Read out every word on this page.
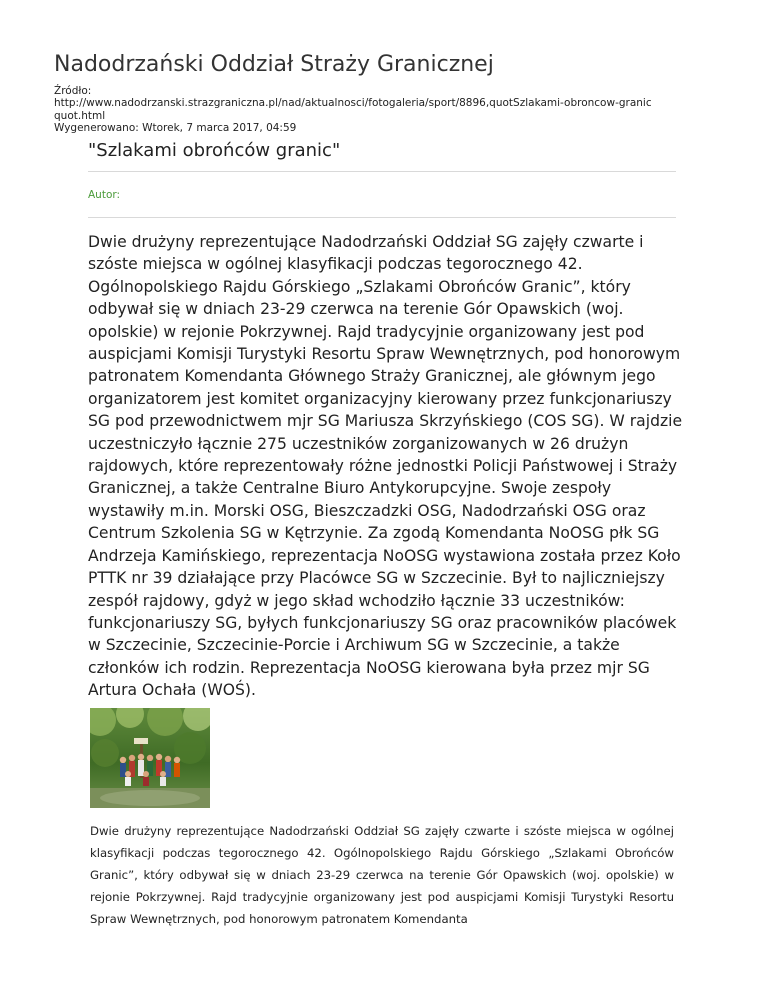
Nadodrzański Oddział Straży Granicznej
Źródło:
http://www.nadodrzanski.strazgraniczna.pl/nad/aktualnosci/fotogaleria/sport/8896,quotSzlakami-obroncow-granic
quot.html
Wygenerowano: Wtorek, 7 marca 2017, 04:59
"Szlakami obrońców granic"
Autor:

Dwie drużyny reprezentujące Nadodrzański Oddział SG zajęły czwarte i szóste miejsca w ogólnej klasyfikacji podczas tegorocznego 42. Ogólnopolskiego Rajdu Górskiego „Szlakami Obrońców Granic”, który odbywał się w dniach 23-29 czerwca na terenie Gór Opawskich (woj. opolskie) w rejonie Pokrzywnej. Rajd tradycyjnie organizowany jest pod auspicjami Komisji Turystyki Resortu Spraw Wewnętrznych, pod honorowym patronatem Komendanta Głównego Straży Granicznej, ale głównym jego organizatorem jest komitet organizacyjny kierowany przez funkcjonariuszy SG pod przewodnictwem mjr SG Mariusza Skrzyńskiego (COS SG). W rajdzie uczestniczyło łącznie 275 uczestników zorganizowanych w 26 drużyn rajdowych, które reprezentowały różne jednostki Policji Państwowej i Straży Granicznej, a także Centralne Biuro Antykorupcyjne. Swoje zespoły wystawiły m.in. Morski OSG, Bieszczadzki OSG, Nadodrzański OSG oraz Centrum Szkolenia SG w Kętrzynie. Za zgodą Komendanta NoOSG płk SG Andrzeja Kamińskiego, reprezentacja NoOSG wystawiona została przez Koło PTTK nr 39 działające przy Placówce SG w Szczecinie. Był to najliczniejszy zespół rajdowy, gdyż w jego skład wchodziło łącznie 33 uczestników: funkcjonariuszy SG, byłych funkcjonariuszy SG oraz pracowników placówek w Szczecinie, Szczecinie-Porcie i Archiwum SG w Szczecinie, a także członków ich rodzin. Reprezentacja NoOSG kierowana była przez mjr SG Artura Ochała (WOŚ).

Dwie drużyny reprezentujące Nadodrzański Oddział SG zajęły czwarte i szóste miejsca w ogólnej klasyfikacji podczas tegorocznego 42. Ogólnopolskiego Rajdu Górskiego „Szlakami Obrońców Granic”, który odbywał się w dniach 23-29 czerwca na terenie Gór Opawskich (woj. opolskie) w rejonie Pokrzywnej. Rajd tradycyjnie organizowany jest pod auspicjami Komisji Turystyki Resortu Spraw Wewnętrznych, pod honorowym patronatem Komendanta
